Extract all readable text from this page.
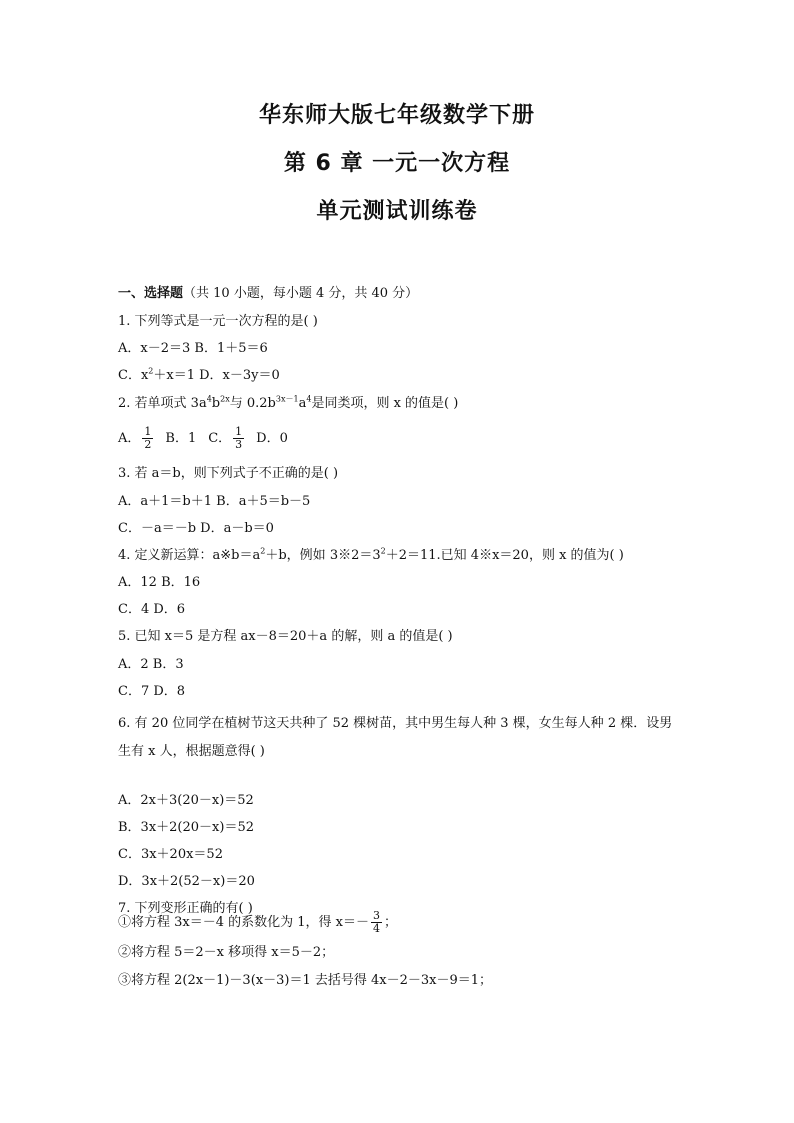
华东师大版七年级数学下册
第 6 章 一元一次方程
单元测试训练卷
一、选择题（共 10 小题，每小题 4 分，共 40 分）
1. 下列等式是一元一次方程的是( )
A．x－2＝3 B．1＋5＝6
C．$x^2+x=1$ D．x－3y＝0
2. 若单项式 $3a^4b^{2x}$与 $0.2b^{3x-1}a^4$是同类项，则 x 的值是( )
A． $\frac{1}{2}$ B．1 C． $\frac{1}{3}$ D．0
3. 若 a＝b，则下列式子不正确的是( )
A．a＋1＝b＋1 B．a＋5＝b－5
C．－a＝－b D．a－b＝0
4. 定义新运算：$a※b=a^2+b$，例如 $3※2=3^2+2=11$.已知 4※x＝20，则 x 的值为( )
A．12 B．16
C．4 D．6
5. 已知 x＝5 是方程 ax－8＝20＋a 的解，则 a 的值是( )
A．2 B．3
C．7 D．8
6. 有 20 位同学在植树节这天共种了 52 棵树苗，其中男生每人种 3 棵，女生每人种 2 棵．设男生有 x 人，根据题意得( )
A．2x＋3(20－x)＝52
B．3x＋2(20－x)＝52
C．3x＋20x＝52
D．3x＋2(52－x)＝20
7. 下列变形正确的有( )
①将方程 3x＝－4 的系数化为 1，得 $x=- \frac{3}{4}$ ；
②将方程 5＝2－x 移项得 x＝5－2；
③将方程 2(2x－1)－3(x－3)＝1 去括号得 4x－2－3x－9＝1；
